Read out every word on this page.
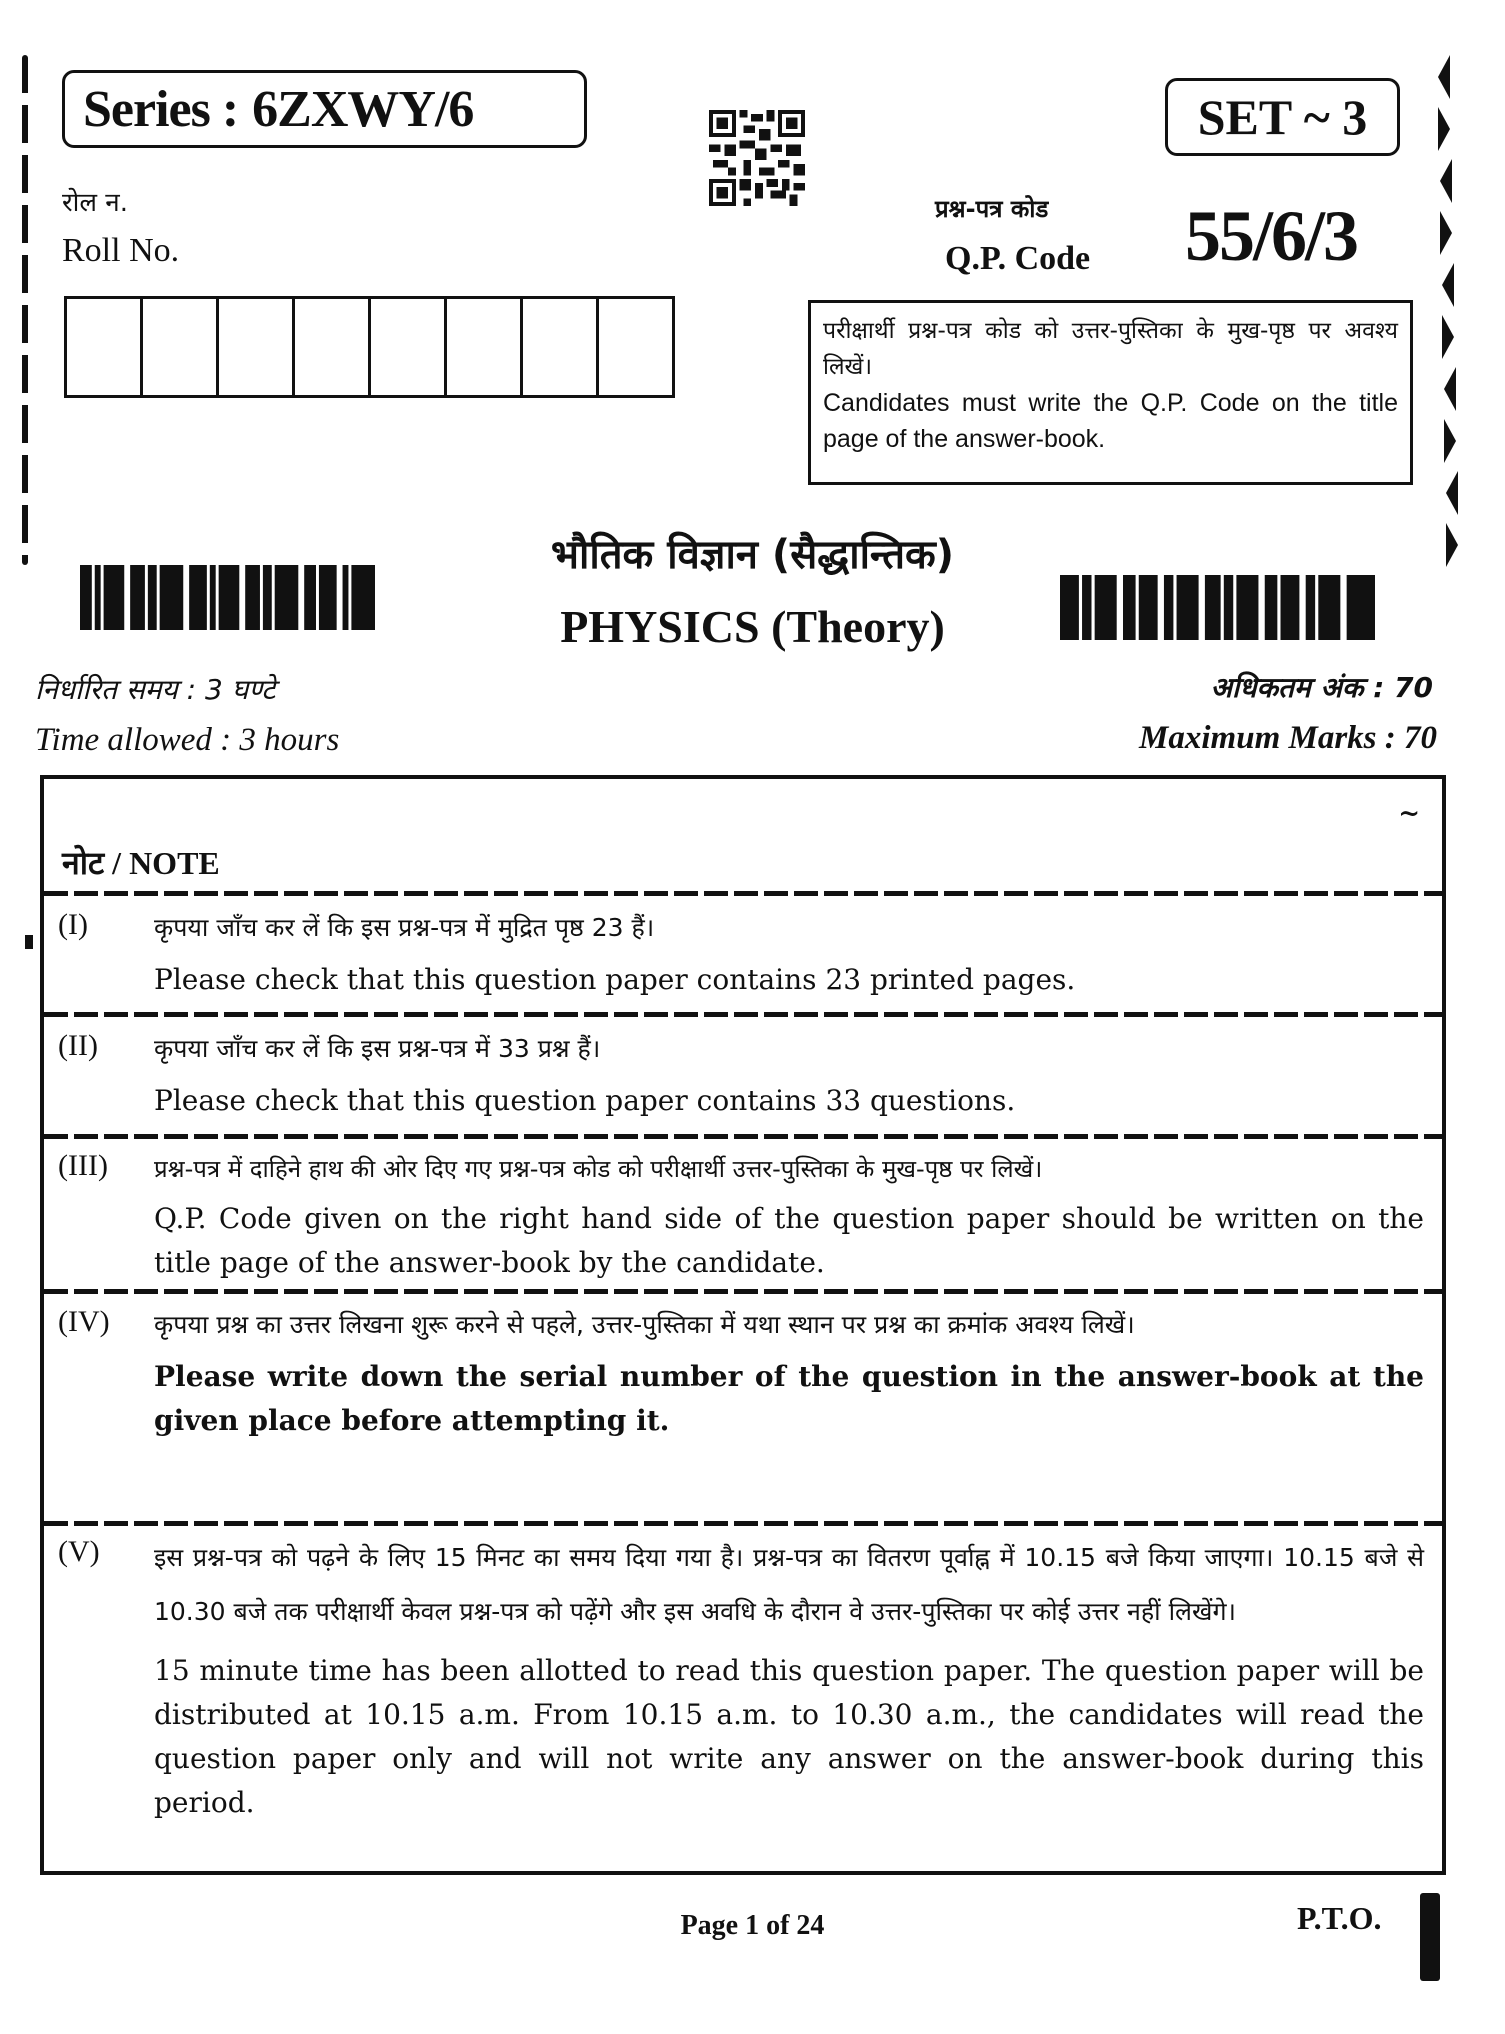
Series : 6ZXWY/6
रोल न.
Roll No.
SET ~ 3
प्रश्न-पत्र कोड
Q.P. Code 55/6/3
परीक्षार्थी प्रश्न-पत्र कोड को उत्तर-पुस्तिका के मुख-पृष्ठ पर अवश्य लिखें।
Candidates must write the Q.P. Code on the title page of the answer-book.
भौतिक विज्ञान (सैद्धान्तिक)
PHYSICS (Theory)
निर्धारित समय : 3 घण्टे
Time allowed : 3 hours
अधिकतम अंक : 70
Maximum Marks : 70
~
नोट / NOTE
(I)	कृपया जाँच कर लें कि इस प्रश्न-पत्र में मुद्रित पृष्ठ 23 हैं।
Please check that this question paper contains 23 printed pages.
(II) कृपया जाँच कर लें कि इस प्रश्न-पत्र में 33 प्रश्न हैं।
Please check that this question paper contains 33 questions.
(III) प्रश्न-पत्र में दाहिने हाथ की ओर दिए गए प्रश्न-पत्र कोड को परीक्षार्थी उत्तर-पुस्तिका के मुख-पृष्ठ पर लिखें।
Q.P. Code given on the right hand side of the question paper should be written on the title page of the answer-book by the candidate.
(IV) कृपया प्रश्न का उत्तर लिखना शुरू करने से पहले, उत्तर-पुस्तिका में यथा स्थान पर प्रश्न का क्रमांक अवश्य लिखें।
Please write down the serial number of the question in the answer-book at the given place before attempting it.
(V) इस प्रश्न-पत्र को पढ़ने के लिए 15 मिनट का समय दिया गया है। प्रश्न-पत्र का वितरण पूर्वाह्न में 10.15 बजे किया जाएगा। 10.15 बजे से 10.30 बजे तक परीक्षार्थी केवल प्रश्न-पत्र को पढ़ेंगे और इस अवधि के दौरान वे उत्तर-पुस्तिका पर कोई उत्तर नहीं लिखेंगे।
15 minute time has been allotted to read this question paper. The question paper will be distributed at 10.15 a.m. From 10.15 a.m. to 10.30 a.m., the candidates will read the question paper only and will not write any answer on the answer-book during this period.
Page 1 of 24	P.T.O.
